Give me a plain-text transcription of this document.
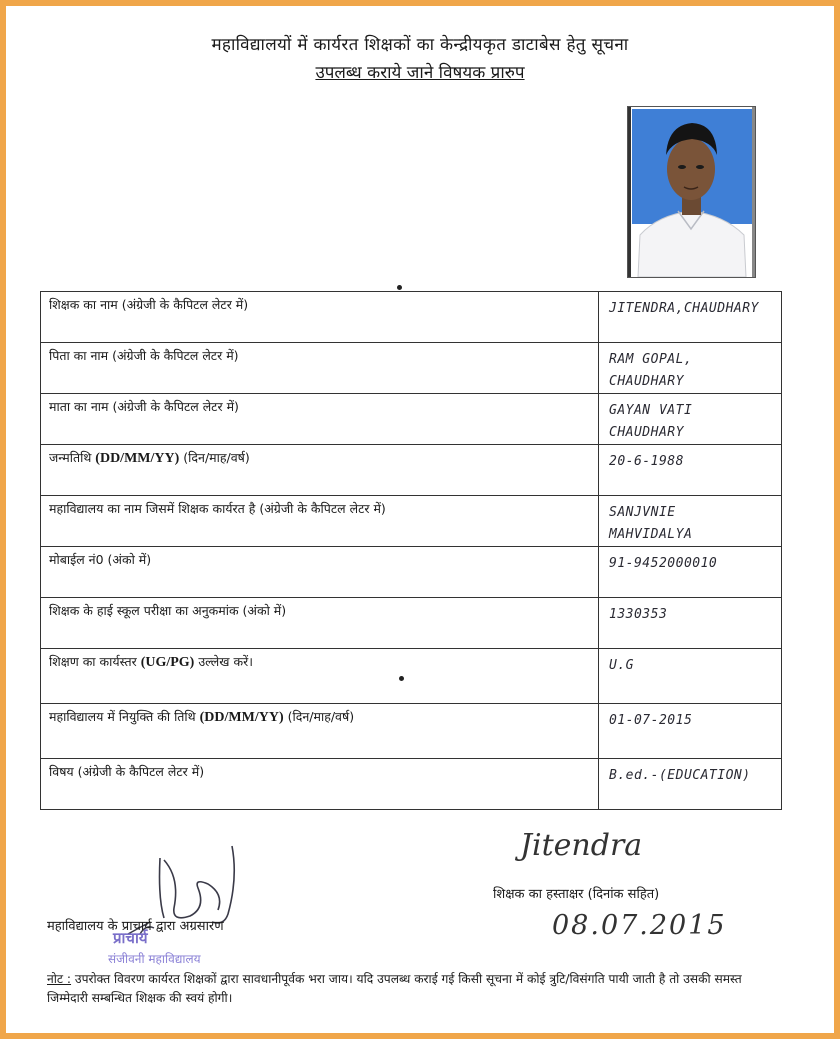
महाविद्यालयों में कार्यरत शिक्षकों का केन्द्रीयकृत डाटाबेस हेतु सूचना
उपलब्ध कराये जाने विषयक प्रारुप
शिक्षक का नाम (अंग्रेजी के कैपिटल लेटर में)	JITENDRA,CHAUDHARY

पिता का नाम (अंग्रेजी के कैपिटल लेटर में)	RAM GOPAL, CHAUDHARY

माता का नाम (अंग्रेजी के कैपिटल लेटर में)	GAYAN VATI
CHAUDHARY

जन्मतिथि (DD/MM/YY) (दिन/माह/वर्ष)	20-6-1988

महाविद्यालय का नाम जिसमें शिक्षक कार्यरत है (अंग्रेजी के कैपिटल लेटर में)	SANJVNIE
MAHVIDALYA

मोबाईल नं0 (अंको में)	91-9452000010

शिक्षक के हाई स्कूल परीक्षा का अनुकमांक (अंको में)	1330353

शिक्षण का कार्यस्तर (UG/PG) उल्लेख करें।	U.G

महाविद्यालय में नियुक्ति की तिथि (DD/MM/YY) (दिन/माह/वर्ष)	01-07-2015

विषय (अंग्रेजी के कैपिटल लेटर में)	B.ed.-(EDUCATION)
Jitendra
शिक्षक का हस्ताक्षर (दिनांक सहित)
08.07.2015
महाविद्यालय के प्राचार्य द्वारा अग्रसारण
प्राचार्य
संजीवनी महाविद्यालय
नोट : उपरोक्त विवरण कार्यरत शिक्षकों द्वारा सावधानीपूर्वक भरा जाय। यदि उपलब्ध कराई गई किसी सूचना में कोई त्रुटि/विसंगति पायी जाती है तो उसकी समस्त जिम्मेदारी सम्बन्धित शिक्षक की स्वयं होगी।
